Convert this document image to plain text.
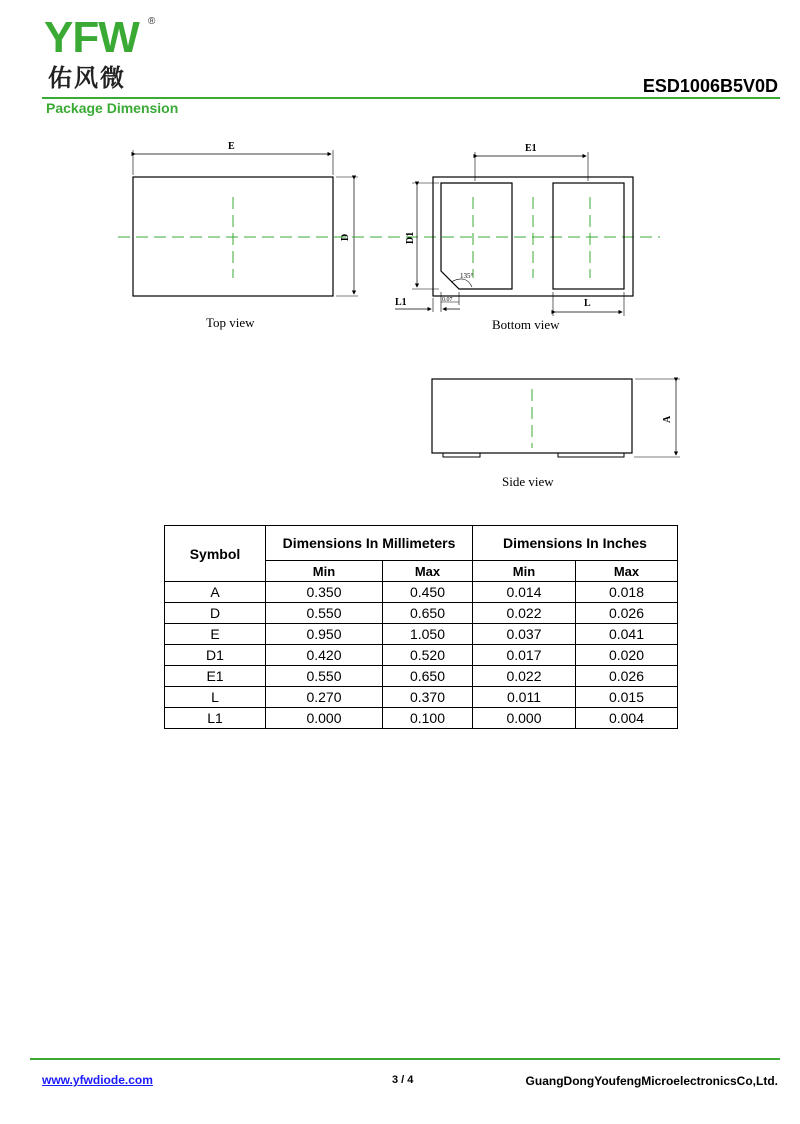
YFW ®
佑风微	ESD1006B5V0D
Package Dimension
E
D
Top view
E1
D1
L1	0.07
135°
L
Bottom view
A
Side view
Symbol	Dimensions In Millimeters		Dimensions In Inches	
	Min	Max	Min	Max
A	0.350	0.450	0.014	0.018
D	0.550	0.650	0.022	0.026
E	0.950	1.050	0.037	0.041
D1	0.420	0.520	0.017	0.020
E1	0.550	0.650	0.022	0.026
L	0.270	0.370	0.011	0.015
L1	0.000	0.100	0.000	0.004
www.yfwdiode.com	3 / 4	GuangDongYoufengMicroelectronicsCo,Ltd.
